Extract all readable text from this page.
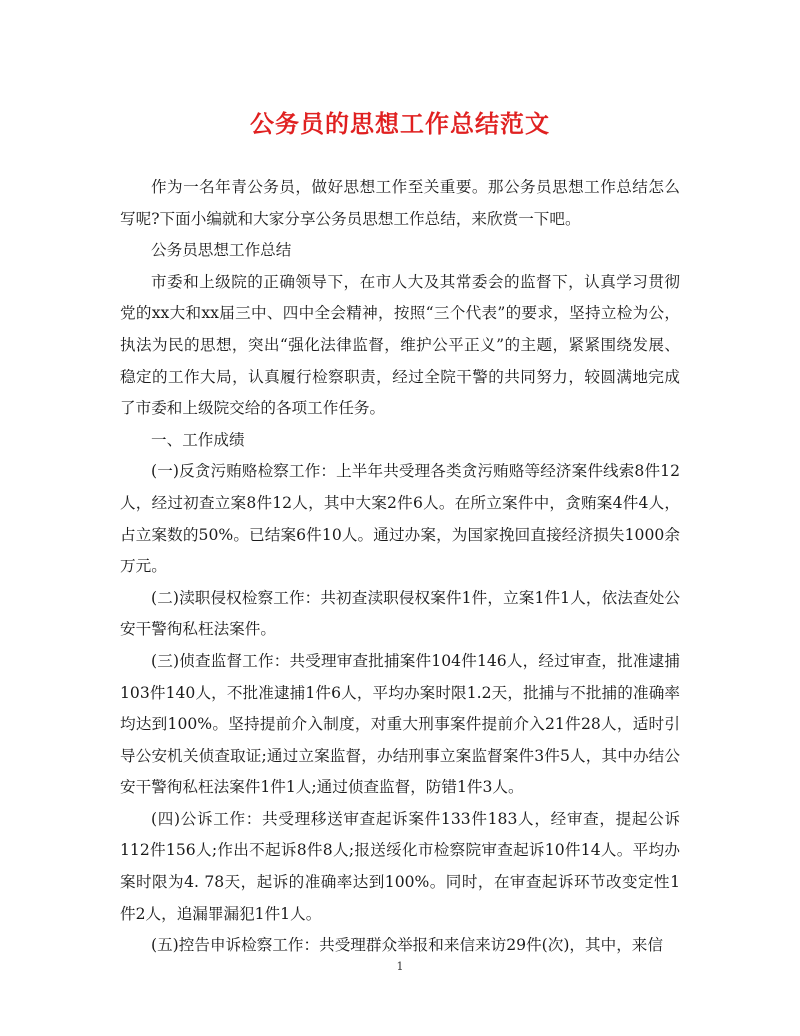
公务员的思想工作总结范文

作为一名年青公务员，做好思想工作至关重要。那公务员思想工作总结怎么写呢?下面小编就和大家分享公务员思想工作总结，来欣赏一下吧。

公务员思想工作总结

市委和上级院的正确领导下，在市人大及其常委会的监督下，认真学习贯彻党的xx大和xx届三中、四中全会精神，按照“三个代表”的要求，坚持立检为公，执法为民的思想，突出“强化法律监督，维护公平正义”的主题，紧紧围绕发展、稳定的工作大局，认真履行检察职责，经过全院干警的共同努力，较圆满地完成了市委和上级院交给的各项工作任务。

一、工作成绩

(一)反贪污贿赂检察工作：上半年共受理各类贪污贿赂等经济案件线索8件12人，经过初查立案8件12人，其中大案2件6人。在所立案件中，贪贿案4件4人，占立案数的50%。已结案6件10人。通过办案，为国家挽回直接经济损失1000余万元。

(二)渎职侵权检察工作：共初查渎职侵权案件1件，立案1件1人，依法查处公安干警徇私枉法案件。

(三)侦查监督工作：共受理审查批捕案件104件146人，经过审查，批准逮捕103件140人，不批准逮捕1件6人，平均办案时限1.2天，批捕与不批捕的准确率均达到100%。坚持提前介入制度，对重大刑事案件提前介入21件28人，适时引导公安机关侦查取证;通过立案监督，办结刑事立案监督案件3件5人，其中办结公安干警徇私枉法案件1件1人;通过侦查监督，防错1件3人。

(四)公诉工作：共受理移送审查起诉案件133件183人，经审查，提起公诉112件156人;作出不起诉8件8人;报送绥化市检察院审查起诉10件14人。平均办案时限为4. 78天，起诉的准确率达到100%。同时，在审查起诉环节改变定性1件2人，追漏罪漏犯1件1人。

(五)控告申诉检察工作：共受理群众举报和来信来访29件(次)，其中，来信

1
